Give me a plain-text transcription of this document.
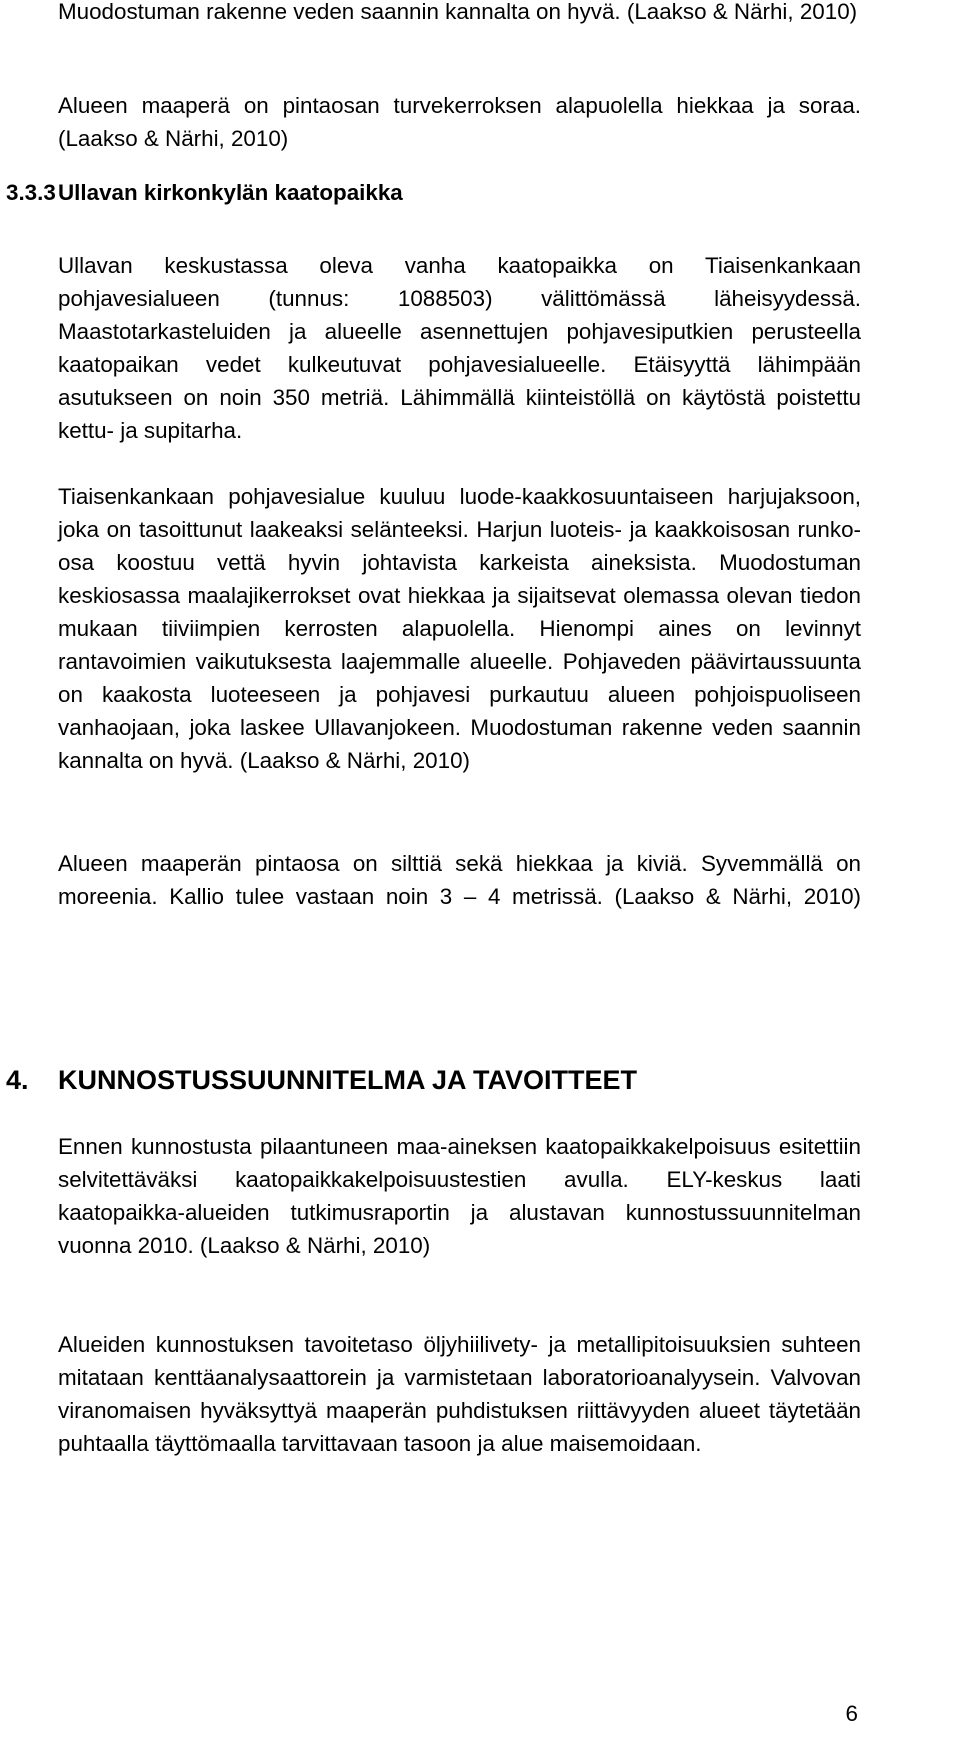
Muodostuman rakenne veden saannin kannalta on hyvä. (Laakso & Närhi, 2010)

Alueen maaperä on pintaosan turvekerroksen alapuolella hiekkaa ja soraa. (Laakso & Närhi, 2010)

3.3.3Ullavan kirkonkylän kaatopaikka

Ullavan keskustassa oleva vanha kaatopaikka on Tiaisenkankaan pohjavesialueen (tunnus: 1088503) välittömässä läheisyydessä. Maastotarkasteluiden ja alueelle asennettujen pohjavesiputkien perusteella kaatopaikan vedet kulkeutuvat pohjavesialueelle. Etäisyyttä lähimpään asutukseen on noin 350 metriä. Lähimmällä kiinteistöllä on käytöstä poistettu kettu- ja supitarha.

Tiaisenkankaan pohjavesialue kuuluu luode-kaakkosuuntaiseen harjujaksoon, joka on tasoittunut laakeaksi selänteeksi. Harjun luoteis- ja kaakkoisosan runko-osa koostuu vettä hyvin johtavista karkeista aineksista. Muodostuman keskiosassa maalajikerrokset ovat hiekkaa ja sijaitsevat olemassa olevan tiedon mukaan tiiviimpien kerrosten alapuolella. Hienompi aines on levinnyt rantavoimien vaikutuksesta laajemmalle alueelle. Pohjaveden päävirtaussuunta on kaakosta luoteeseen ja pohjavesi purkautuu alueen pohjoispuoliseen vanhaojaan, joka laskee Ullavanjokeen. Muodostuman rakenne veden saannin kannalta on hyvä. (Laakso & Närhi, 2010)

Alueen maaperän pintaosa on silttiä sekä hiekkaa ja kiviä. Syvemmällä on moreenia. Kallio tulee vastaan noin 3 – 4 metrissä. (Laakso & Närhi, 2010)

4. KUNNOSTUSSUUNNITELMA JA TAVOITTEET

Ennen kunnostusta pilaantuneen maa-aineksen kaatopaikkakelpoisuus esitettiin selvitettäväksi kaatopaikkakelpoisuustestien avulla. ELY-keskus laati kaatopaikka-alueiden tutkimusraportin ja alustavan kunnostussuunnitelman vuonna 2010. (Laakso & Närhi, 2010)

Alueiden kunnostuksen tavoitetaso öljyhiilivety- ja metallipitoisuuksien suhteen mitataan kenttäanalysaattorein ja varmistetaan laboratorioanalyysein. Valvovan viranomaisen hyväksyttyä maaperän puhdistuksen riittävyyden alueet täytetään puhtaalla täyttömaalla tarvittavaan tasoon ja alue maisemoidaan.

6
